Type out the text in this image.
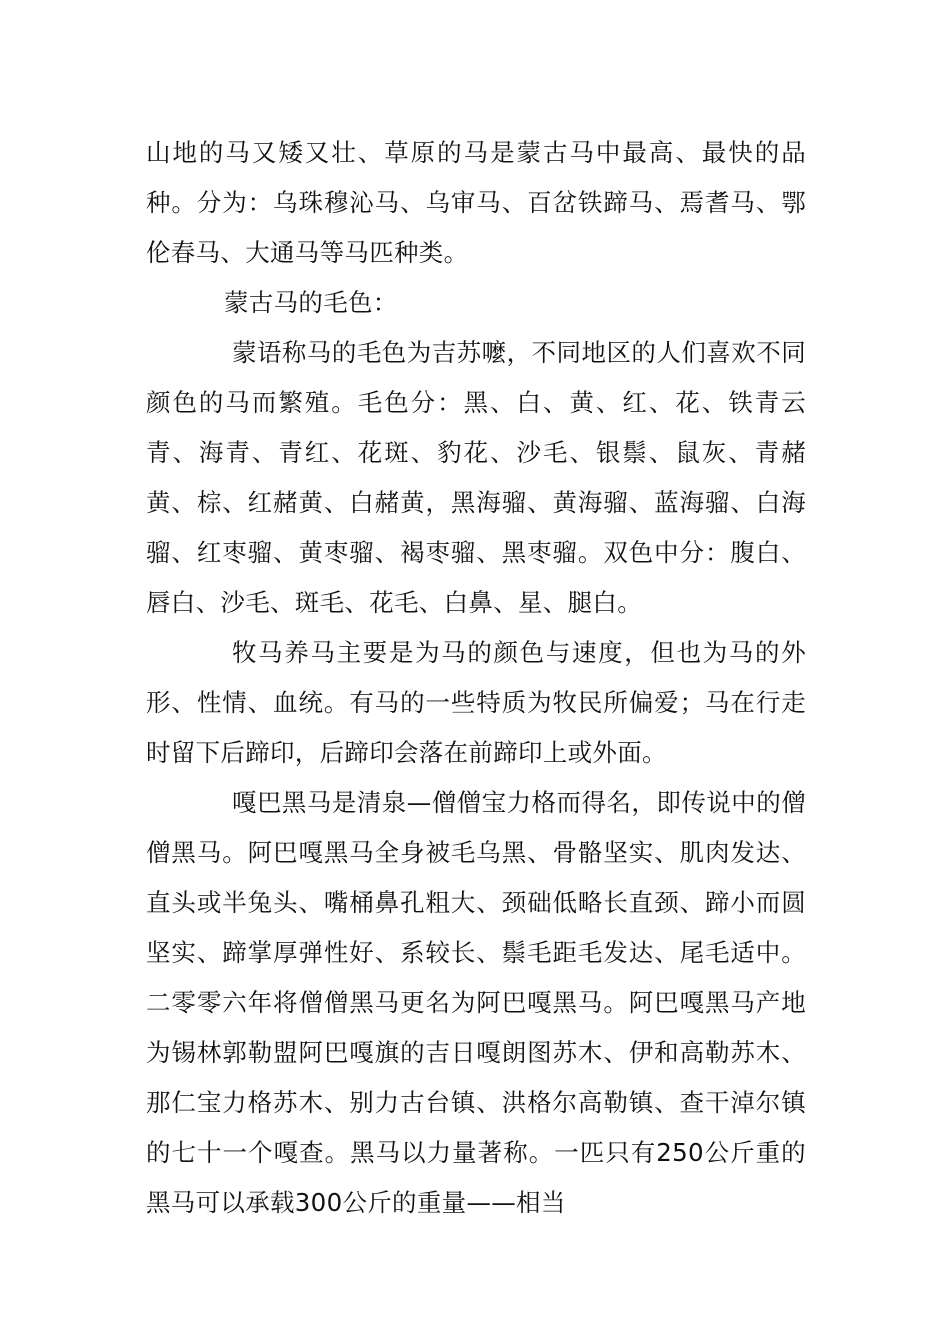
山地的马又矮又壮、草原的马是蒙古马中最高、最快的品种。分为：乌珠穆沁马、乌审马、百岔铁蹄马、焉耆马、鄂伦春马、大通马等马匹种类。

蒙古马的毛色：

蒙语称马的毛色为吉苏嚒，不同地区的人们喜欢不同颜色的马而繁殖。毛色分：黑、白、黄、红、花、铁青云青、海青、青红、花斑、豹花、沙毛、银鬃、鼠灰、青赭黄、棕、红赭黄、白赭黄，黑海骝、黄海骝、蓝海骝、白海骝、红枣骝、黄枣骝、褐枣骝、黑枣骝。双色中分：腹白、唇白、沙毛、斑毛、花毛、白鼻、星、腿白。

牧马养马主要是为马的颜色与速度，但也为马的外形、性情、血统。有马的一些特质为牧民所偏爱；马在行走时留下后蹄印，后蹄印会落在前蹄印上或外面。

嘎巴黑马是清泉—僧僧宝力格而得名，即传说中的僧僧黑马。阿巴嘎黑马全身被毛乌黑、骨骼坚实、肌肉发达、直头或半兔头、嘴桶鼻孔粗大、颈础低略长直颈、蹄小而圆坚实、蹄掌厚弹性好、系较长、鬃毛距毛发达、尾毛适中。二零零六年将僧僧黑马更名为阿巴嘎黑马。阿巴嘎黑马产地为锡林郭勒盟阿巴嘎旗的吉日嘎朗图苏木、伊和高勒苏木、那仁宝力格苏木、别力古台镇、洪格尔高勒镇、查干淖尔镇的七十一个嘎查。黑马以力量著称。一匹只有250公斤重的黑马可以承载300公斤的重量——相当
